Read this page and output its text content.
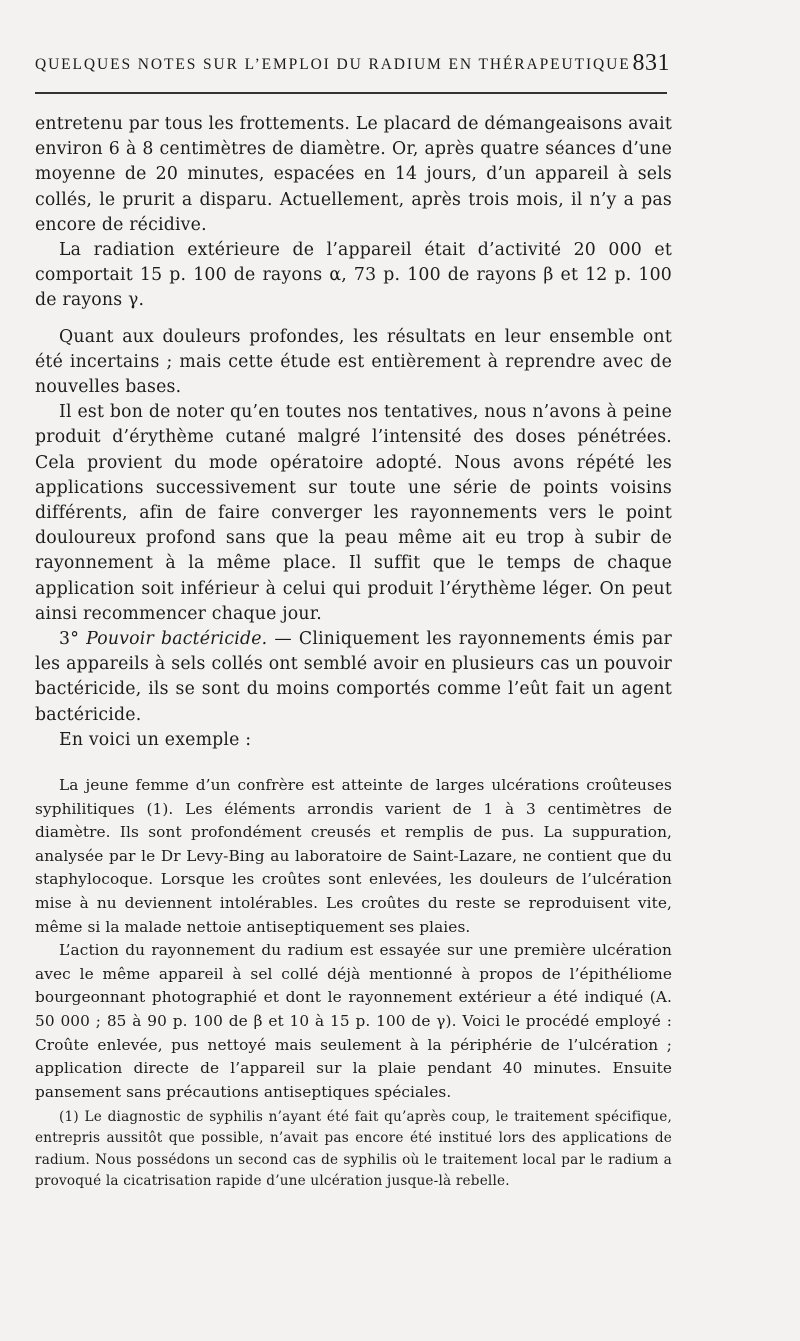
QUELQUES NOTES SUR L’EMPLOI DU RADIUM EN THÉRAPEUTIQUE 831

entretenu par tous les frottements. Le placard de démangeaisons avait environ 6 à 8 centimètres de diamètre. Or, après quatre séances d’une moyenne de 20 minutes, espacées en 14 jours, d’un appareil à sels collés, le prurit a disparu. Actuellement, après trois mois, il n’y a pas encore de récidive.

La radiation extérieure de l’appareil était d’activité 20 000 et comportait 15 p. 100 de rayons α, 73 p. 100 de rayons β et 12 p. 100 de rayons γ.

Quant aux douleurs profondes, les résultats en leur ensemble ont été incertains ; mais cette étude est entièrement à reprendre avec de nouvelles bases.

Il est bon de noter qu’en toutes nos tentatives, nous n’avons à peine produit d’érythème cutané malgré l’intensité des doses pénétrées. Cela provient du mode opératoire adopté. Nous avons répété les applications successivement sur toute une série de points voisins différents, afin de faire converger les rayonnements vers le point douloureux profond sans que la peau même ait eu trop à subir de rayonnement à la même place. Il suffit que le temps de chaque application soit inférieur à celui qui produit l’érythème léger. On peut ainsi recommencer chaque jour.

3° Pouvoir bactéricide. — Cliniquement les rayonnements émis par les appareils à sels collés ont semblé avoir en plusieurs cas un pouvoir bactéricide, ils se sont du moins comportés comme l’eût fait un agent bactéricide.

En voici un exemple :

La jeune femme d’un confrère est atteinte de larges ulcérations croûteuses syphilitiques (1). Les éléments arrondis varient de 1 à 3 centimètres de diamètre. Ils sont profondément creusés et remplis de pus. La suppuration, analysée par le Dr Levy-Bing au laboratoire de Saint-Lazare, ne contient que du staphylocoque. Lorsque les croûtes sont enlevées, les douleurs de l’ulcération mise à nu deviennent intolérables. Les croûtes du reste se reproduisent vite, même si la malade nettoie antiseptiquement ses plaies.

L’action du rayonnement du radium est essayée sur une première ulcération avec le même appareil à sel collé déjà mentionné à propos de l’épithéliome bourgeonnant photographié et dont le rayonnement extérieur a été indiqué (A. 50 000 ; 85 à 90 p. 100 de β et 10 à 15 p. 100 de γ). Voici le procédé employé : Croûte enlevée, pus nettoyé mais seulement à la périphérie de l’ulcération ; application directe de l’appareil sur la plaie pendant 40 minutes. Ensuite pansement sans précautions antiseptiques spéciales.

(1) Le diagnostic de syphilis n’ayant été fait qu’après coup, le traitement spécifique, entrepris aussitôt que possible, n’avait pas encore été institué lors des applications de radium. Nous possédons un second cas de syphilis où le traitement local par le radium a provoqué la cicatrisation rapide d’une ulcération jusque-là rebelle.
